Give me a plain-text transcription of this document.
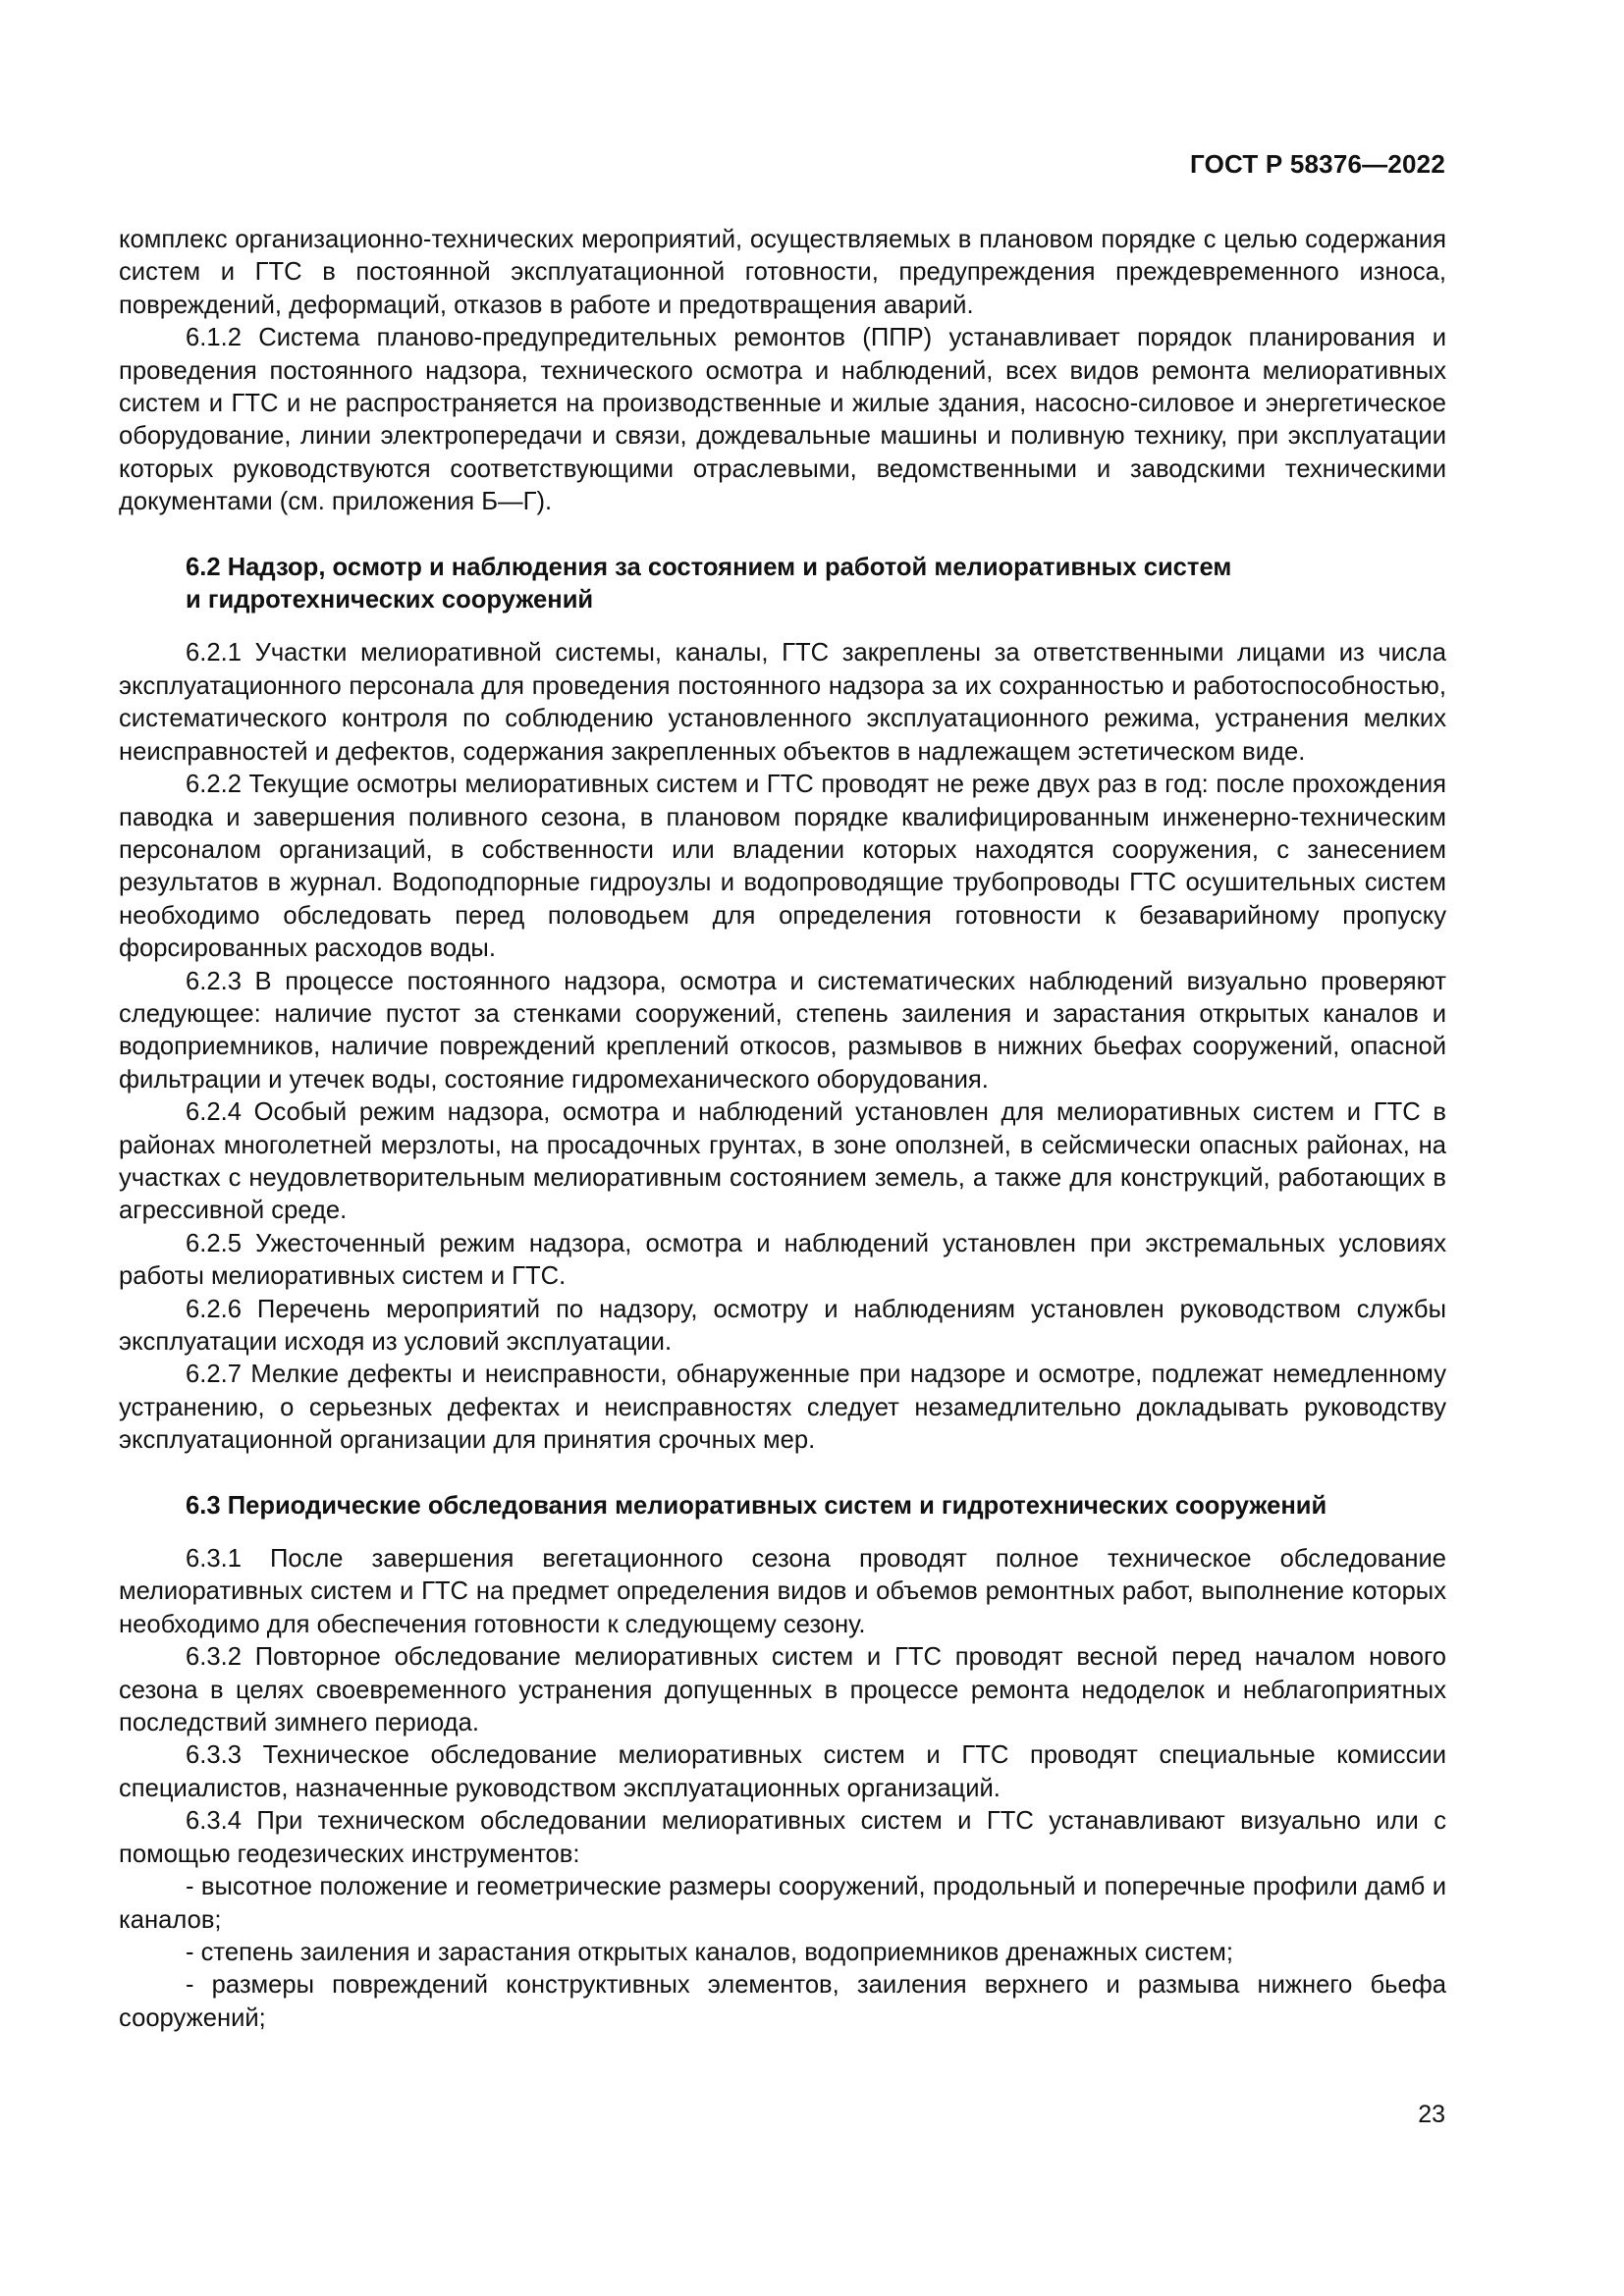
ГОСТ Р 58376—2022

комплекс организационно-технических мероприятий, осуществляемых в плановом порядке с целью содержания систем и ГТС в постоянной эксплуатационной готовности, предупреждения преждевременного износа, повреждений, деформаций, отказов в работе и предотвращения аварий.

6.1.2 Система планово-предупредительных ремонтов (ППР) устанавливает порядок планирования и проведения постоянного надзора, технического осмотра и наблюдений, всех видов ремонта мелиоративных систем и ГТС и не распространяется на производственные и жилые здания, насосно-силовое и энергетическое оборудование, линии электропередачи и связи, дождевальные машины и поливную технику, при эксплуатации которых руководствуются соответствующими отраслевыми, ведомственными и заводскими техническими документами (см. приложения Б—Г).

6.2 Надзор, осмотр и наблюдения за состоянием и работой мелиоративных систем
и гидротехнических сооружений

6.2.1 Участки мелиоративной системы, каналы, ГТС закреплены за ответственными лицами из числа эксплуатационного персонала для проведения постоянного надзора за их сохранностью и работоспособностью, систематического контроля по соблюдению установленного эксплуатационного режима, устранения мелких неисправностей и дефектов, содержания закрепленных объектов в надлежащем эстетическом виде.

6.2.2 Текущие осмотры мелиоративных систем и ГТС проводят не реже двух раз в год: после прохождения паводка и завершения поливного сезона, в плановом порядке квалифицированным инженерно-техническим персоналом организаций, в собственности или владении которых находятся сооружения, с занесением результатов в журнал. Водоподпорные гидроузлы и водопроводящие трубопроводы ГТС осушительных систем необходимо обследовать перед половодьем для определения готовности к безаварийному пропуску форсированных расходов воды.

6.2.3 В процессе постоянного надзора, осмотра и систематических наблюдений визуально проверяют следующее: наличие пустот за стенками сооружений, степень заиления и зарастания открытых каналов и водоприемников, наличие повреждений креплений откосов, размывов в нижних бьефах сооружений, опасной фильтрации и утечек воды, состояние гидромеханического оборудования.

6.2.4 Особый режим надзора, осмотра и наблюдений установлен для мелиоративных систем и ГТС в районах многолетней мерзлоты, на просадочных грунтах, в зоне оползней, в сейсмически опасных районах, на участках с неудовлетворительным мелиоративным состоянием земель, а также для конструкций, работающих в агрессивной среде.

6.2.5 Ужесточенный режим надзора, осмотра и наблюдений установлен при экстремальных условиях работы мелиоративных систем и ГТС.

6.2.6 Перечень мероприятий по надзору, осмотру и наблюдениям установлен руководством службы эксплуатации исходя из условий эксплуатации.

6.2.7 Мелкие дефекты и неисправности, обнаруженные при надзоре и осмотре, подлежат немедленному устранению, о серьезных дефектах и неисправностях следует незамедлительно докладывать руководству эксплуатационной организации для принятия срочных мер.

6.3 Периодические обследования мелиоративных систем и гидротехнических сооружений

6.3.1 После завершения вегетационного сезона проводят полное техническое обследование мелиоративных систем и ГТС на предмет определения видов и объемов ремонтных работ, выполнение которых необходимо для обеспечения готовности к следующему сезону.

6.3.2 Повторное обследование мелиоративных систем и ГТС проводят весной перед началом нового сезона в целях своевременного устранения допущенных в процессе ремонта недоделок и неблагоприятных последствий зимнего периода.

6.3.3 Техническое обследование мелиоративных систем и ГТС проводят специальные комиссии специалистов, назначенные руководством эксплуатационных организаций.

6.3.4 При техническом обследовании мелиоративных систем и ГТС устанавливают визуально или с помощью геодезических инструментов:

- высотное положение и геометрические размеры сооружений, продольный и поперечные профили дамб и каналов;

- степень заиления и зарастания открытых каналов, водоприемников дренажных систем;

- размеры повреждений конструктивных элементов, заиления верхнего и размыва нижнего бьефа сооружений;

23
